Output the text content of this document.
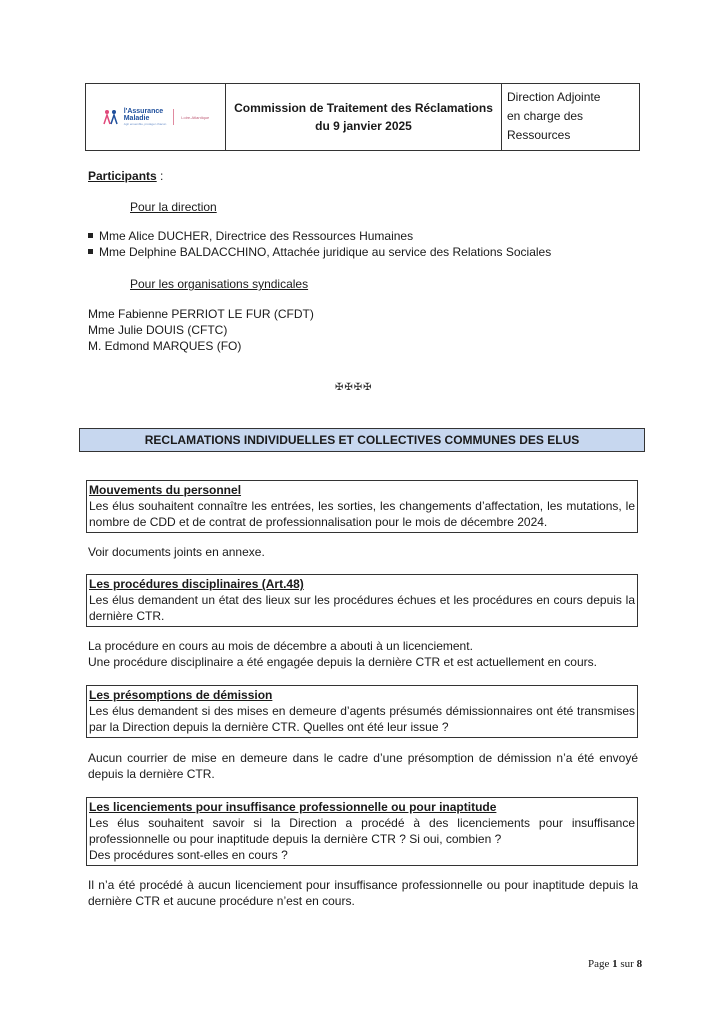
l'Assurance
Maladie
Agir ensemble, protéger chacun
Loire-Atlantique
Commission de Traitement des Réclamations
du 9 janvier 2025
Direction Adjointe
en charge des Ressources
Participants :
Pour la direction
Mme Alice DUCHER, Directrice des Ressources Humaines
Mme Delphine BALDACCHINO, Attachée juridique au service des Relations Sociales
Pour les organisations syndicales
Mme Fabienne PERRIOT LE FUR (CFDT)
Mme Julie DOUIS (CFTC)
M. Edmond MARQUES (FO)
✠✠✠✠
RECLAMATIONS INDIVIDUELLES ET COLLECTIVES COMMUNES DES ELUS
Mouvements du personnel
Les élus souhaitent connaître les entrées, les sorties, les changements d’affectation, les mutations, le nombre de CDD et de contrat de professionnalisation pour le mois de décembre 2024.
Voir documents joints en annexe.
Les procédures disciplinaires (Art.48)
Les élus demandent un état des lieux sur les procédures échues et les procédures en cours depuis la dernière CTR.
La procédure en cours au mois de décembre a abouti à un licenciement.
Une procédure disciplinaire a été engagée depuis la dernière CTR et est actuellement en cours.
Les présomptions de démission
Les élus demandent si des mises en demeure d’agents présumés démissionnaires ont été transmises par la Direction depuis la dernière CTR. Quelles ont été leur issue ?
Aucun courrier de mise en demeure dans le cadre d’une présomption de démission n’a été envoyé depuis la dernière CTR.
Les licenciements pour insuffisance professionnelle ou pour inaptitude
Les élus souhaitent savoir si la Direction a procédé à des licenciements pour insuffisance professionnelle ou pour inaptitude depuis la dernière CTR ? Si oui, combien ?
Des procédures sont-elles en cours ?
Il n’a été procédé à aucun licenciement pour insuffisance professionnelle ou pour inaptitude depuis la dernière CTR et aucune procédure n’est en cours.
Page 1 sur 8
